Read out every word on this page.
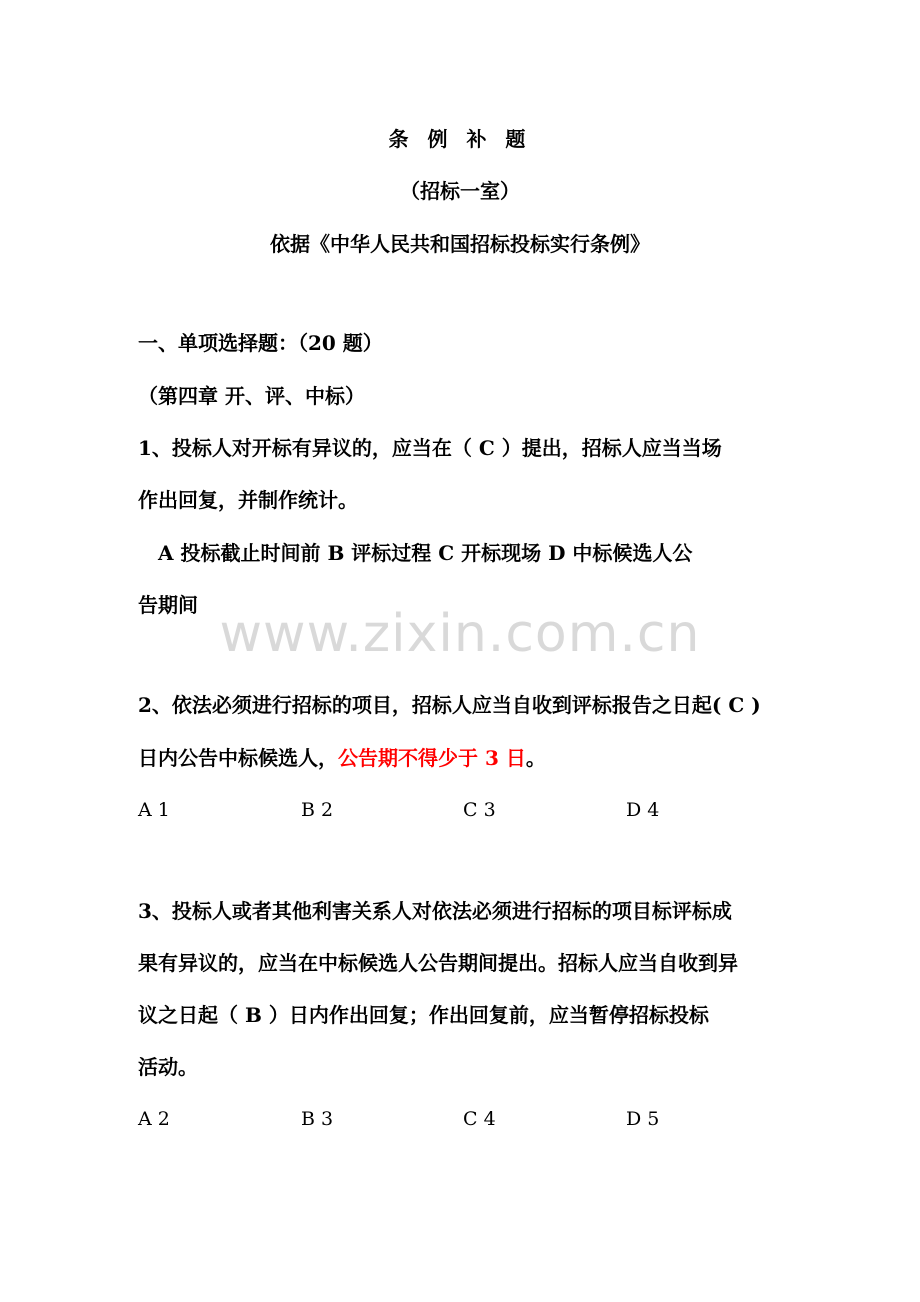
条 例 补 题
（招标一室）
依据《中华人民共和国招标投标实行条例》
一、单项选择题：（20 题）
（第四章 开、评、中标）
1、投标人对开标有异议的，应当在（ C ）提出，招标人应当当场
作出回复，并制作统计。
A 投标截止时间前 B 评标过程 C 开标现场 D 中标候选人公
告期间 www.zixin.com.cn
2、依法必须进行招标的项目，招标人应当自收到评标报告之日起( C )
日内公告中标候选人，公告期不得少于 3 日。
A 1	B 2	C 3	D 4
3、投标人或者其他利害关系人对依法必须进行招标的项目标评标成
果有异议的，应当在中标候选人公告期间提出。招标人应当自收到异
议之日起（ B ）日内作出回复；作出回复前，应当暂停招标投标
活动。
A 2	B 3	C 4	D 5
